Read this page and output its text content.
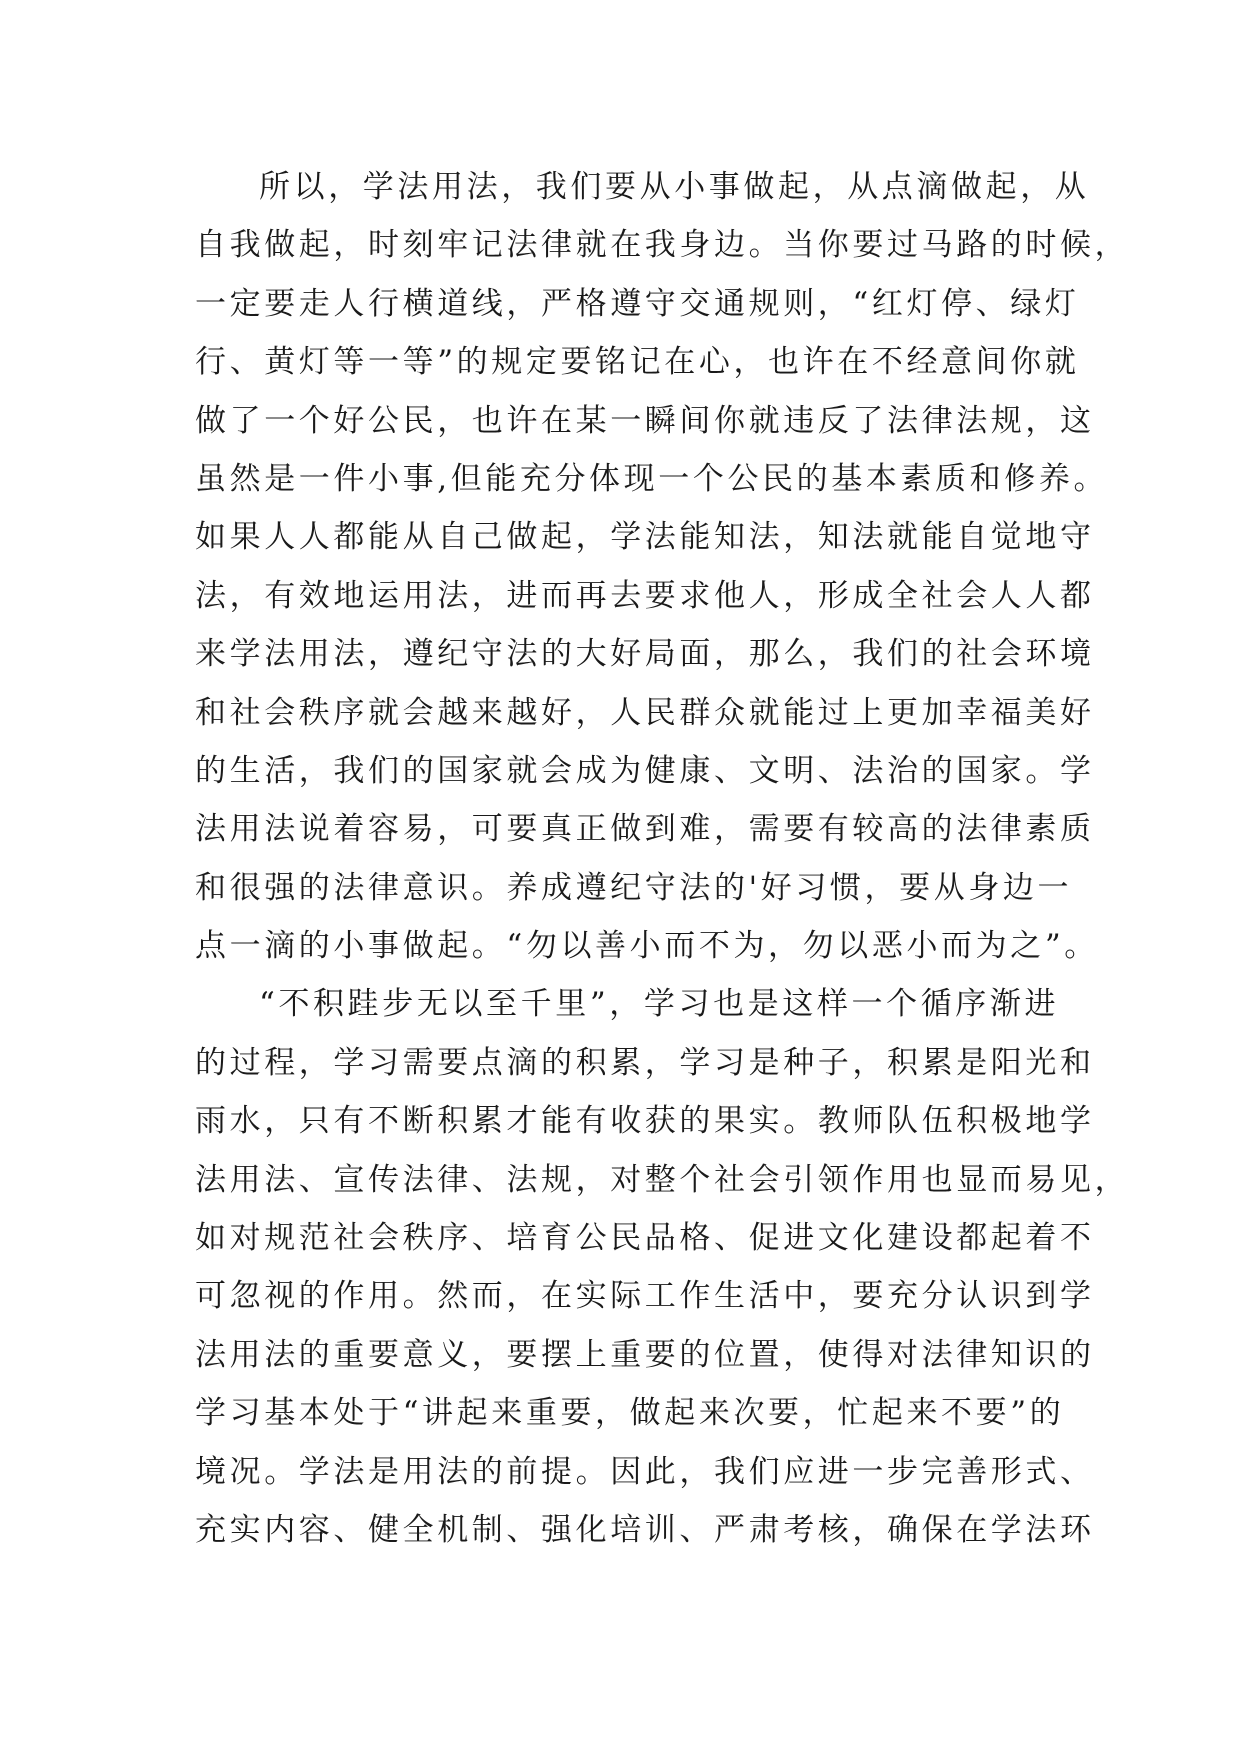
所以，学法用法，我们要从小事做起，从点滴做起，从
自我做起，时刻牢记法律就在我身边。当你要过马路的时候，
一定要走人行横道线，严格遵守交通规则，“红灯停、绿灯
行、黄灯等一等”的规定要铭记在心，也许在不经意间你就
做了一个好公民，也许在某一瞬间你就违反了法律法规，这
虽然是一件小事,但能充分体现一个公民的基本素质和修养。
如果人人都能从自己做起，学法能知法，知法就能自觉地守
法，有效地运用法，进而再去要求他人，形成全社会人人都
来学法用法，遵纪守法的大好局面，那么，我们的社会环境
和社会秩序就会越来越好，人民群众就能过上更加幸福美好
的生活，我们的国家就会成为健康、文明、法治的国家。学
法用法说着容易，可要真正做到难，需要有较高的法律素质
和很强的法律意识。养成遵纪守法的'好习惯，要从身边一
点一滴的小事做起。“勿以善小而不为，勿以恶小而为之”。
“不积跬步无以至千里”，学习也是这样一个循序渐进
的过程，学习需要点滴的积累，学习是种子，积累是阳光和
雨水，只有不断积累才能有收获的果实。教师队伍积极地学
法用法、宣传法律、法规，对整个社会引领作用也显而易见，
如对规范社会秩序、培育公民品格、促进文化建设都起着不
可忽视的作用。然而，在实际工作生活中，要充分认识到学
法用法的重要意义，要摆上重要的位置，使得对法律知识的
学习基本处于“讲起来重要，做起来次要，忙起来不要”的
境况。学法是用法的前提。因此，我们应进一步完善形式、
充实内容、健全机制、强化培训、严肃考核，确保在学法环
